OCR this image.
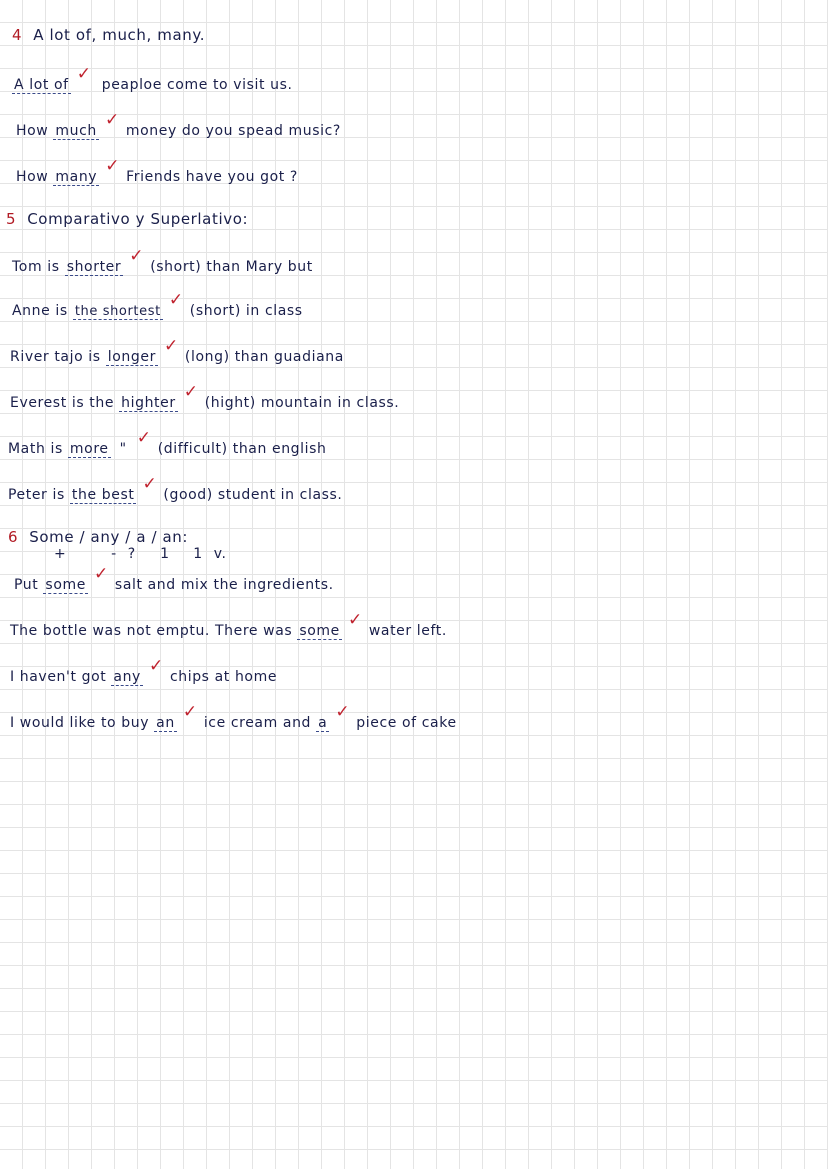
4 A lot of, much, many.
A lot of ✓ peaploe come to visit us.
How much ✓ money do you spead music?
How many ✓ Friends have you got ?
5 Comparativo y Superlativo:
Tom is shorter ✓ (short) than Mary but
Anne is the shortest ✓ (short) in class
River tajo is longer ✓ (long) than guadiana
Everest is the highter ✓ (hight) mountain in class.
Math is more " ✓ (difficult) than english
Peter is the best ✓ (good) student in class.
6 Some / any / a / an:
+	- ? 1 1 v.
Put some ✓ salt and mix the ingredients.
The bottle was not emptu. There was some ✓ water left.
I haven't got any ✓ chips at home
I would like to buy an ✓ ice cream and a ✓ piece of cake
